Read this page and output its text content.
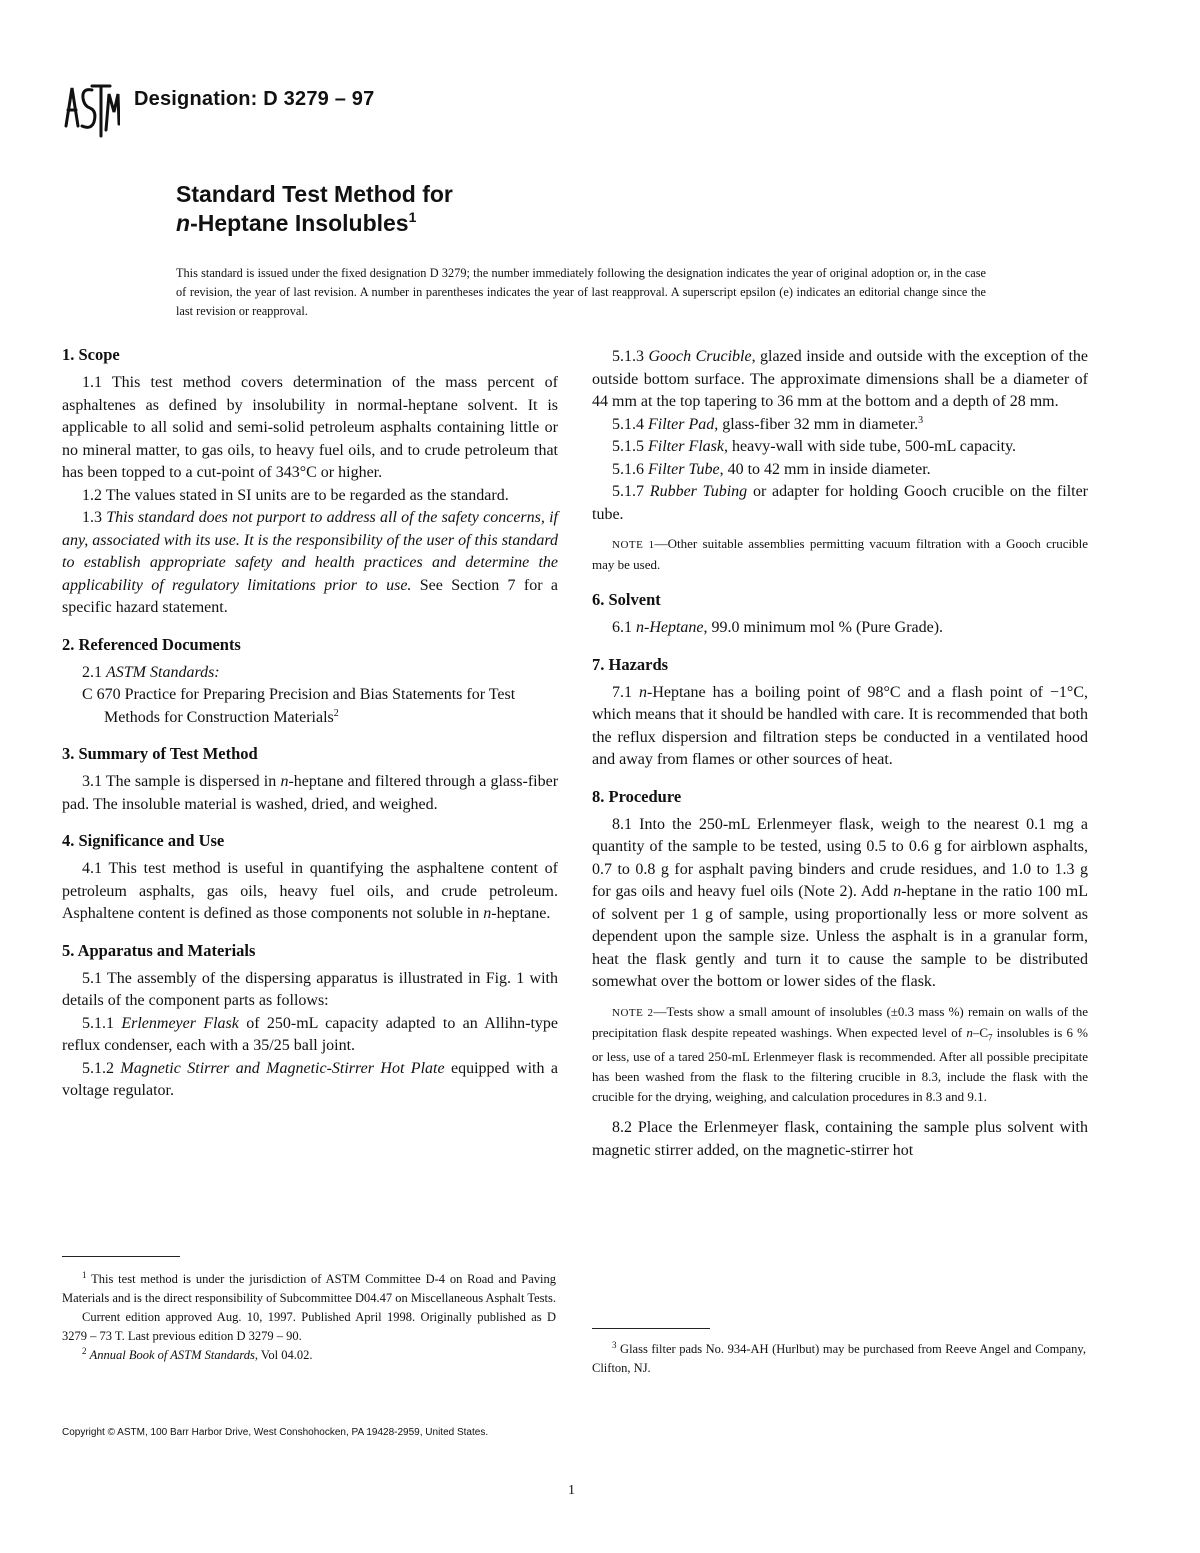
Designation: D 3279 – 97
Standard Test Method for
n-Heptane Insolubles$^1$
This standard is issued under the fixed designation D 3279; the number immediately following the designation indicates the year of original adoption or, in the case of revision, the year of last revision. A number in parentheses indicates the year of last reapproval. A superscript epsilon (e) indicates an editorial change since the last revision or reapproval.
1. Scope

1.1 This test method covers determination of the mass percent of asphaltenes as defined by insolubility in normal-heptane solvent. It is applicable to all solid and semi-solid petroleum asphalts containing little or no mineral matter, to gas oils, to heavy fuel oils, and to crude petroleum that has been topped to a cut-point of 343°C or higher.

1.2 The values stated in SI units are to be regarded as the standard.

1.3 This standard does not purport to address all of the safety concerns, if any, associated with its use. It is the responsibility of the user of this standard to establish appropriate safety and health practices and determine the applicability of regulatory limitations prior to use. See Section 7 for a specific hazard statement.

2. Referenced Documents

2.1 ASTM Standards:

C 670 Practice for Preparing Precision and Bias Statements for Test Methods for Construction Materials$^2$

3. Summary of Test Method

3.1 The sample is dispersed in n-heptane and filtered through a glass-fiber pad. The insoluble material is washed, dried, and weighed.

4. Significance and Use

4.1 This test method is useful in quantifying the asphaltene content of petroleum asphalts, gas oils, heavy fuel oils, and crude petroleum. Asphaltene content is defined as those components not soluble in n-heptane.

5. Apparatus and Materials

5.1 The assembly of the dispersing apparatus is illustrated in Fig. 1 with details of the component parts as follows:

5.1.1 Erlenmeyer Flask of 250-mL capacity adapted to an Allihn-type reflux condenser, each with a 35/25 ball joint.

5.1.2 Magnetic Stirrer and Magnetic-Stirrer Hot Plate equipped with a voltage regulator.

$^1$ This test method is under the jurisdiction of ASTM Committee D-4 on Road and Paving Materials and is the direct responsibility of Subcommittee D04.47 on Miscellaneous Asphalt Tests.

Current edition approved Aug. 10, 1997. Published April 1998. Originally published as D 3279 – 73 T. Last previous edition D 3279 – 90.

$^2$ Annual Book of ASTM Standards, Vol 04.02.

5.1.3 Gooch Crucible, glazed inside and outside with the exception of the outside bottom surface. The approximate dimensions shall be a diameter of 44 mm at the top tapering to 36 mm at the bottom and a depth of 28 mm.

5.1.4 Filter Pad, glass-fiber 32 mm in diameter.$^3$

5.1.5 Filter Flask, heavy-wall with side tube, 500-mL capacity.

5.1.6 Filter Tube, 40 to 42 mm in inside diameter.

5.1.7 Rubber Tubing or adapter for holding Gooch crucible on the filter tube.

NOTE 1—Other suitable assemblies permitting vacuum filtration with a Gooch crucible may be used.

6. Solvent

6.1 n-Heptane, 99.0 minimum mol % (Pure Grade).

7. Hazards

7.1 n-Heptane has a boiling point of 98°C and a flash point of −1°C, which means that it should be handled with care. It is recommended that both the reflux dispersion and filtration steps be conducted in a ventilated hood and away from flames or other sources of heat.

8. Procedure

8.1 Into the 250-mL Erlenmeyer flask, weigh to the nearest 0.1 mg a quantity of the sample to be tested, using 0.5 to 0.6 g for airblown asphalts, 0.7 to 0.8 g for asphalt paving binders and crude residues, and 1.0 to 1.3 g for gas oils and heavy fuel oils (Note 2). Add n-heptane in the ratio 100 mL of solvent per 1 g of sample, using proportionally less or more solvent as dependent upon the sample size. Unless the asphalt is in a granular form, heat the flask gently and turn it to cause the sample to be distributed somewhat over the bottom or lower sides of the flask.

NOTE 2—Tests show a small amount of insolubles (±0.3 mass %) remain on walls of the precipitation flask despite repeated washings. When expected level of $n-C_7$ insolubles is 6 % or less, use of a tared 250-mL Erlenmeyer flask is recommended. After all possible precipitate has been washed from the flask to the filtering crucible in 8.3, include the flask with the crucible for the drying, weighing, and calculation procedures in 8.3 and 9.1.

8.2 Place the Erlenmeyer flask, containing the sample plus solvent with magnetic stirrer added, on the magnetic-stirrer hot

$^3$ Glass filter pads No. 934-AH (Hurlbut) may be purchased from Reeve Angel and Company, Clifton, NJ.

Copyright © ASTM, 100 Barr Harbor Drive, West Conshohocken, PA 19428-2959, United States.
1
